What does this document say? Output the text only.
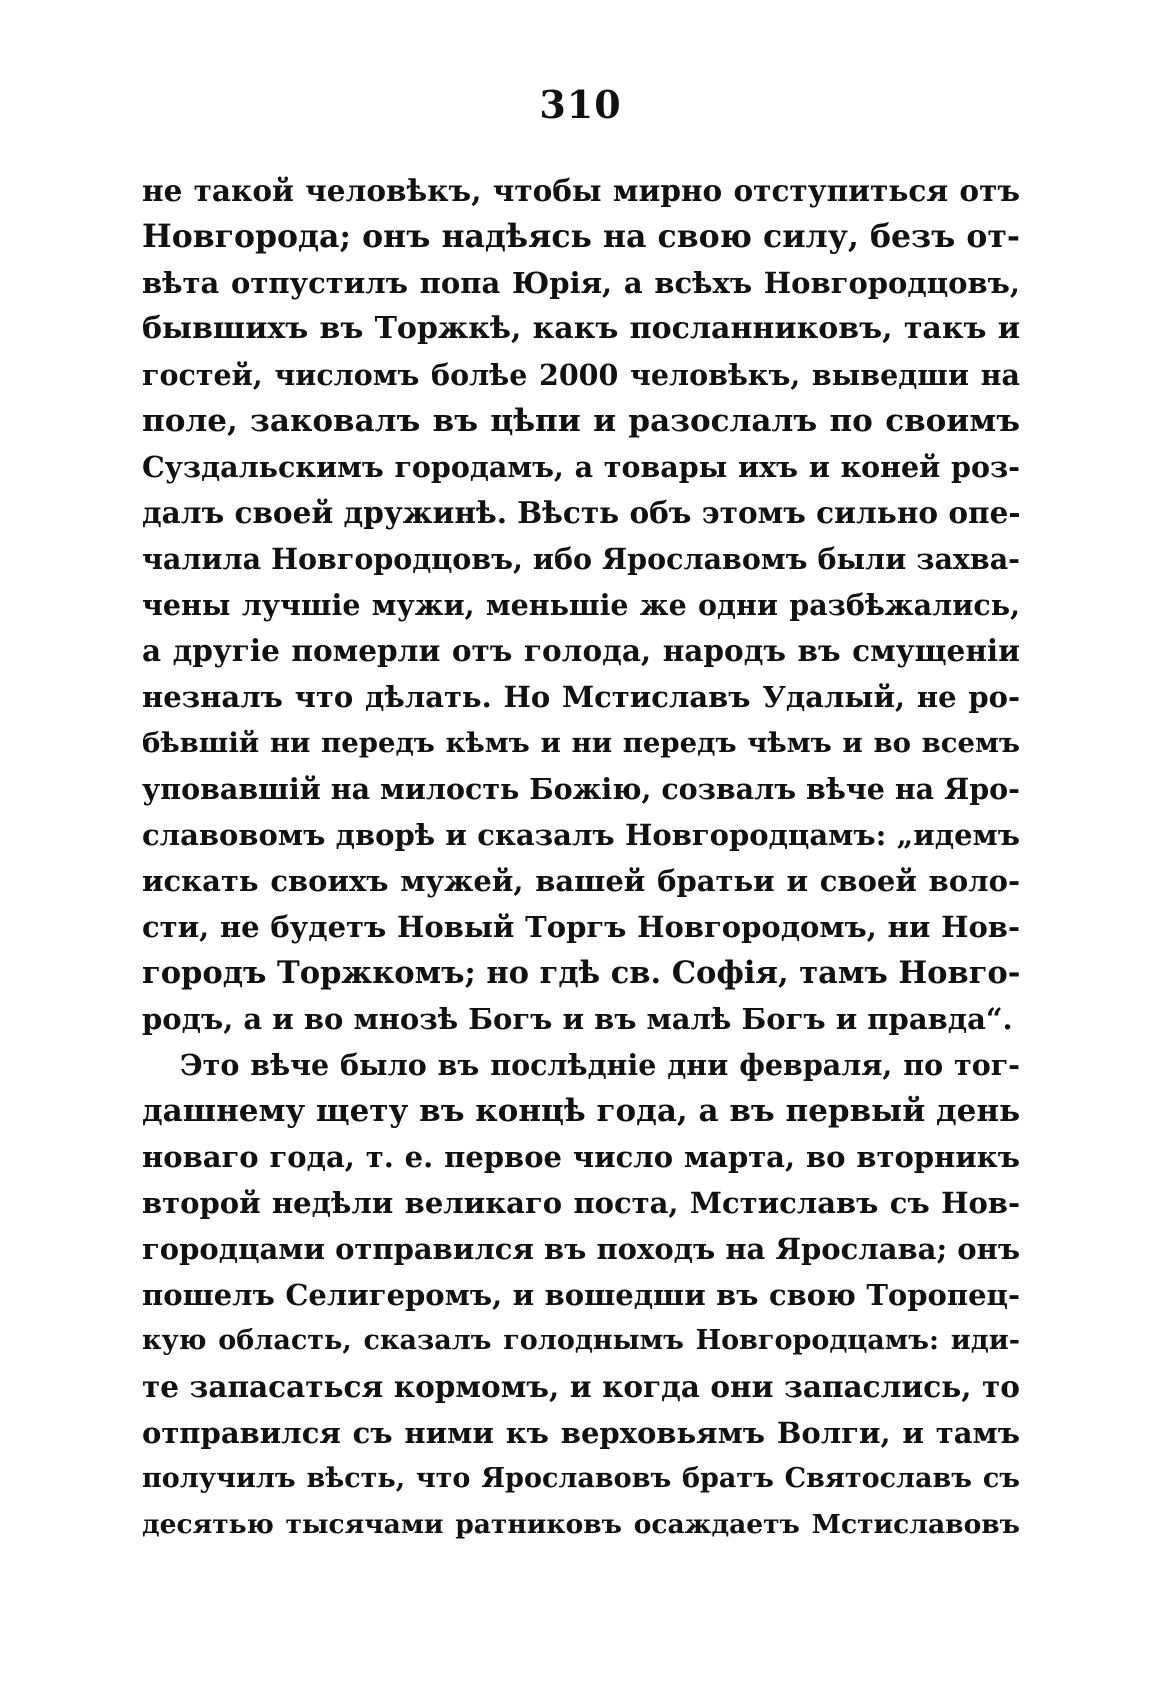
310
не такой человѣкъ, чтобы мирно отступиться отъ
Новгорода; онъ надѣясь на свою силу, безъ от-
вѣта отпустилъ попа Юрія, а всѣхъ Новгородцовъ,
бывшихъ въ Торжкѣ, какъ посланниковъ, такъ и
гостей, числомъ болѣе 2000 человѣкъ, выведши на
поле, заковалъ въ цѣпи и разослалъ по своимъ
Суздальскимъ городамъ, а товары ихъ и коней роз-
далъ своей дружинѣ. Вѣсть объ этомъ сильно опе-
чалила Новгородцовъ, ибо Ярославомъ были захва-
чены лучшіе мужи, меньшіе же одни разбѣжались,
а другіе померли отъ голода, народъ въ смущеніи
незналъ что дѣлать. Но Мстиславъ Удалый, не ро-
бѣвшій ни передъ кѣмъ и ни передъ чѣмъ и во всемъ
уповавшій на милость Божію, созвалъ вѣче на Яро-
славовомъ дворѣ и сказалъ Новгородцамъ: „идемъ
искать своихъ мужей, вашей братьи и своей воло-
сти, не будетъ Новый Торгъ Новгородомъ, ни Нов-
городъ Торжкомъ; но гдѣ св. Софія, тамъ Новго-
родъ, а и во мнозѣ Богъ и въ малѣ Богъ и правда“.
Это вѣче было въ послѣдніе дни февраля, по тог-
дашнему щету въ концѣ года, а въ первый день
новаго года, т. е. первое число марта, во вторникъ
второй недѣли великаго поста, Мстиславъ съ Нов-
городцами отправился въ походъ на Ярослава; онъ
пошелъ Селигеромъ, и вошедши въ свою Торопец-
кую область, сказалъ голоднымъ Новгородцамъ: иди-
те запасаться кормомъ, и когда они запаслись, то
отправился съ ними къ верховьямъ Волги, и тамъ
получилъ вѣсть, что Ярославовъ братъ Святославъ съ
десятью тысячами ратниковъ осаждаетъ Мстиславовъ
